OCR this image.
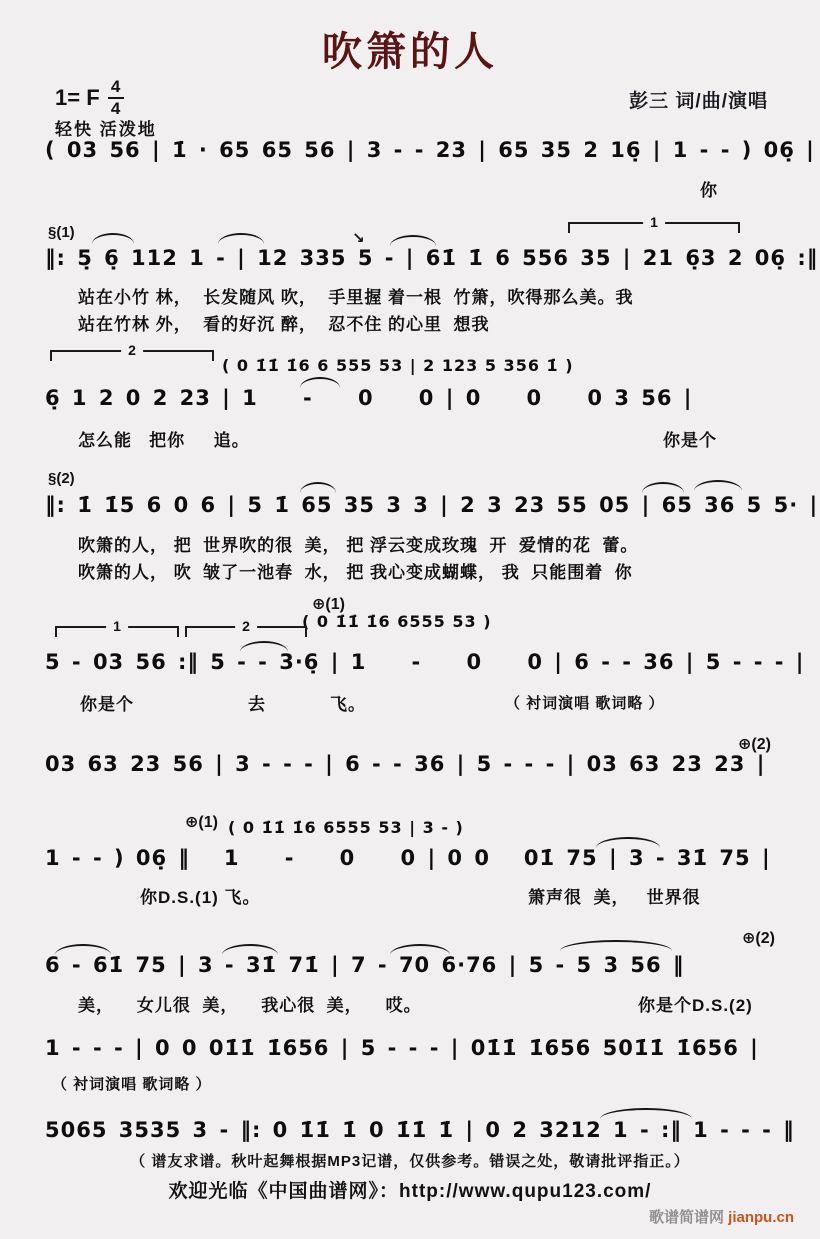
吹箫的人
1= F $\frac{4}{4}$
轻快 活泼地
彭三 词/曲/演唱
( 03 56 | 1̇ · 65 65 56 | 3 - - 23 | 65 35 2 16̣ | 1 - - ) 06̣ |
你
§(1)
1
↘
‖: 5̣ 6̣ 112 1 - | 12 335 5 - | 61̇ 1̇ 6 556 35 | 21 6̣3 2 06̣ :‖
站在小竹 林，  长发随风 吹，  手里握 着一根  竹箫，吹得那么美。我
站在竹林 外，  看的好沉 醉，  忍不住 的心里  想我
2
( 0 1̇1̇ 1̇6 6 555 53 | 2 123 5 356 1̇ )
6̣ 1 2 0 2 23 | 1    -    0    0 | 0    0    0 3 56 |
怎么能   把你     追。	你是个
§(2)
‖: 1̇ 1̇5 6 0 6 | 5 1̇ 65 35 3 3 | 2 3 23 55 05 | 65 36 5 5· |
吹箫的人， 把  世界吹的很  美， 把 浮云变成玫瑰  开  爱情的花  蕾。
吹箫的人， 吹  皱了一池春  水， 把 我心变成蝴蝶， 我  只能围着  你
⊕(1)
( 0 1̇1̇ 1̇6 6555 53 )
1	2
5 - 03 56 :‖ 5 - - 3·6̣ | 1    -    0    0 | 6 - - 36 | 5 - - - |
你是个	去	飞。	（ 衬词演唱 歌词略 ）
⊕(2)
03 63 23 56 | 3 - - - | 6 - - 36 | 5 - - - | 03 63 23 23 |
⊕(1) ( 0 1̇1̇ 1̇6 6555 53 | 3 - )
1 - - ) 06̣ ‖   1    -    0    0 | 0 0   01̇ 75 | 3 - 31̇ 75 |
你D.S.(1) 飞。	箫声很  美，   世界很
⊕(2)
6 - 61̇ 75 | 3 - 31̇ 71̇ | 7 - 70 6·76 | 5 - 5 3 56 ‖
美，    女儿很  美，    我心很  美，    哎。	你是个D.S.(2)
1 - - - | 0 0 01̇1̇ 1̇656 | 5 - - - | 01̇1̇ 1̇656 501̇1̇ 1̇656 |
（ 衬词演唱 歌词略 ）
5065 3535 3 - ‖: 0 1̇1̇ 1̇ 0 1̇1̇ 1̇ | 0 2 3212 1 - :‖ 1 - - - ‖
（ 谱友求谱。秋叶起舞根据MP3记谱，仅供参考。错误之处，敬请批评指正。）
欢迎光临《中国曲谱网》：http://www.qupu123.com/
歌谱简谱网 jianpu.cn
